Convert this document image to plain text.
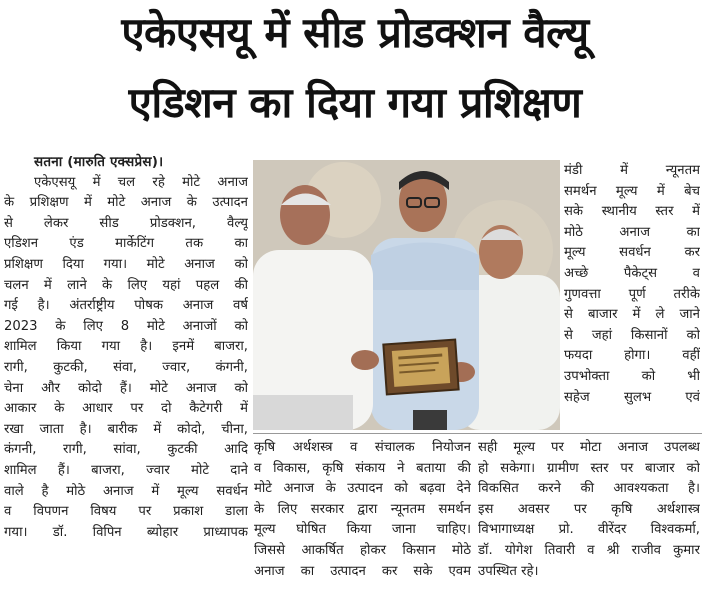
एकेएसयू में सीड प्रोडक्शन वैल्यू
एडिशन का दिया गया प्रशिक्षण

सतना (मारुति एक्सप्रेस)।

एकेएसयू में चल रहे मोटे अनाज

के प्रशिक्षण में मोटे अनाज के उत्पादन

से लेकर सीड प्रोडक्शन, वैल्यू

एडिशन एंड मार्केटिंग तक का

प्रशिक्षण दिया गया। मोटे अनाज को

चलन में लाने के लिए यहां पहल की

गई है। अंतर्राष्ट्रीय पोषक अनाज वर्ष

2023 के लिए 8 मोटे अनाजों को

शामिल किया गया है। इनमें बाजरा,

रागी, कुटकी, संवा, ज्वार, कंगनी,

चेना और कोदो हैं। मोटे अनाज को

आकार के आधार पर दो कैटेगरी में

रखा जाता है। बारीक में कोदो, चीना,

कंगनी, रागी, सांवा, कुटकी आदि

शामिल हैं। बाजरा, ज्वार मोटे दाने

वाले है मोठे अनाज में मूल्य सवर्धन

व विपणन विषय पर प्रकाश डाला

गया। डॉ. विपिन ब्योहार प्राध्यापक

कृषि अर्थशस्त्र व संचालक नियोजन

व विकास, कृषि संकाय ने बताया की

मोटे अनाज के उत्पादन को बढ़वा देने

के लिए सरकार द्वारा न्यूनतम समर्थन

मूल्य घोषित किया जाना चाहिए।

जिससे आकर्षित होकर किसान मोठे

अनाज का उत्पादन कर सके एवम

सही मूल्य पर मोटा अनाज उपलब्ध

हो सकेगा। ग्रामीण स्तर पर बाजार को

विकसित करने की आवश्यकता है।

इस अवसर पर कृषि अर्थशास्त्र

विभागाध्यक्ष प्रो. वीरेंदर विश्वकर्मा,

डॉ. योगेश तिवारी व श्री राजीव कुमार

उपस्थित रहे।

मंडी में न्यूनतम

समर्थन मूल्य में बेच

सके स्थानीय स्तर में

मोठे अनाज का

मूल्य सवर्धन कर

अच्छे पैकेट्स व

गुणवत्ता पूर्ण तरीके

से बाजार में ले जाने

से जहां किसानों को

फयदा होगा। वहीं

उपभोक्ता को भी

सहेज सुलभ एवं
